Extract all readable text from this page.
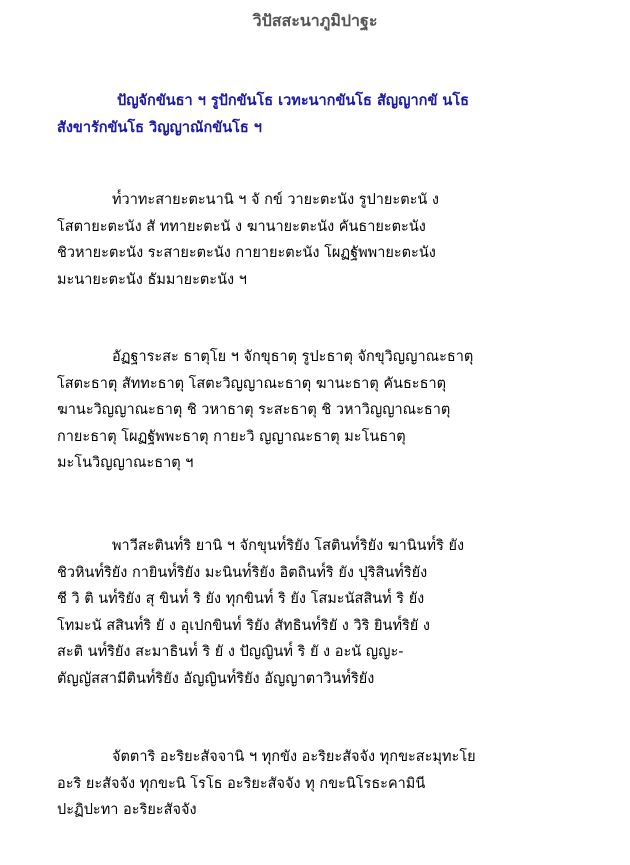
วิปัสสะนาภูมิปาฐะ
ปัญจักขันธา ฯ รูปักขันโธ เวทะนากขันโธ สัญญากขั นโธ
สังขารักขันโธ วิญญาณักขันโธ ฯ
ท๎วาทะสายะตะนานิ ฯ จั กข์ วายะตะนัง รูปายะตะนั ง
โสตายะตะนัง สั ททายะตะนั ง ฆานายะตะนัง คันธายะตะนัง
ชิวหายะตะนัง ระสายะตะนัง กายายะตะนัง โผฏฐัพพายะตะนัง
มะนายะตะนัง ธัมมายะตะนัง ฯ
อัฏฐาระสะ ธาตุโย ฯ จักขุธาตุ รูปะธาตุ จักขุวิญญาณะธาตุ
โสตะธาตุ สัททะธาตุ โสตะวิญญาณะธาตุ ฆานะธาตุ คันธะธาตุ
ฆานะวิญญาณะธาตุ ชิ วหาธาตุ ระสะธาตุ ชิ วหาวิญญาณะธาตุ
กายะธาตุ โผฏฐัพพะธาตุ กายะวิ ญญาณะธาตุ มะโนธาตุ
มะโนวิญญาณะธาตุ ฯ
พาวีสะตินท๎ริ ยานิ ฯ จักขุนท๎ริยัง โสตินท๎ริยัง ฆานินท๎ริ ยัง
ชิวหินท๎ริยัง กายินท๎ริยัง มะนินท๎ริยัง อิตถินท๎ริ ยัง ปุริสินท๎ริยัง
ชี วิ ติ นท๎ริยัง สุ ขินท๎ ริ ยัง ทุกขินท๎ ริ ยัง โสมะนัสสินท๎ ริ ยัง
โทมะนั สสินท๎ริ ยั ง อุเปกขินท๎ ริยัง สัทธินท๎ริยั ง วิริ ยินท๎ริยั ง
สะติ นท๎ริยัง สะมาธินท๎ ริ ยั ง ปัญญินท๎ ริ ยั ง อะนั ญญะ-
ตัญญัสสามีตินท๎ริยัง อัญญินท๎ริยัง อัญญาตาวินท๎ริยัง
จัตตาริ อะริยะสัจจานิ ฯ ทุกขัง อะริยะสัจจัง ทุกขะสะมุทะโย
อะริ ยะสัจจัง ทุกขะนิ โรโธ อะริยะสัจจัง ทุ กขะนิโรธะคามินี
ปะฏิปะทา อะริยะสัจจัง
